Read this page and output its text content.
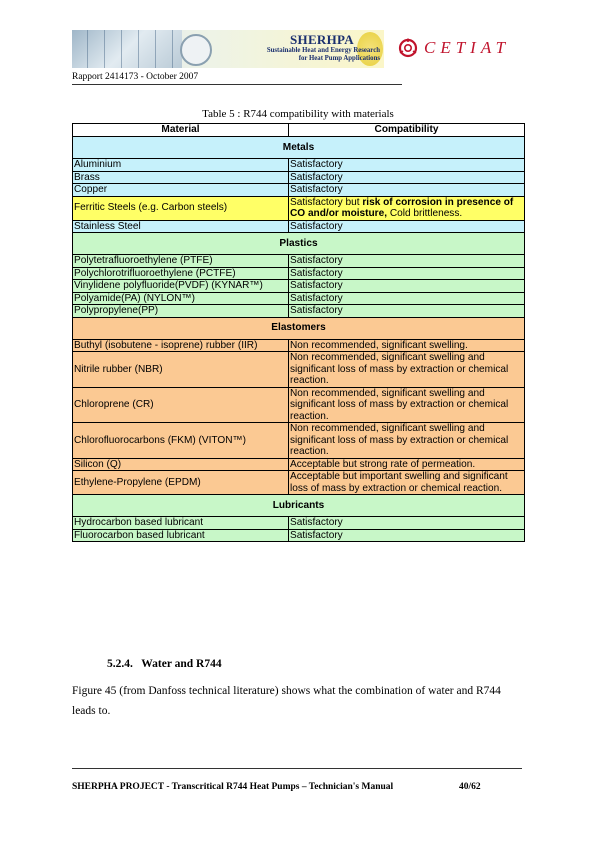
SHERHPA
Sustainable Heat and Energy Research
for Heat Pump Applications
CETIAT
Rapport 2414173 - October 2007
Table 5 : R744 compatibility with materials
Material	Compatibility
Metals	
Aluminium	Satisfactory
Brass	Satisfactory
Copper	Satisfactory
Ferritic Steels (e.g. Carbon steels)	Satisfactory but risk of corrosion in presence of CO and/or moisture, Cold brittleness.
Stainless Steel	Satisfactory
Plastics	
Polytetrafluoroethylene (PTFE)	Satisfactory
Polychlorotrifluoroethylene (PCTFE)	Satisfactory
Vinylidene polyfluoride(PVDF) (KYNAR™)	Satisfactory
Polyamide(PA) (NYLON™)	Satisfactory
Polypropylene(PP)	Satisfactory
Elastomers	
Buthyl (isobutene - isoprene) rubber (IIR)	Non recommended, significant swelling.
Nitrile rubber (NBR)	Non recommended, significant swelling and significant loss of mass by extraction or chemical reaction.
Chloroprene (CR)	Non recommended, significant swelling and significant loss of mass by extraction or chemical reaction.
Chlorofluorocarbons (FKM) (VITON™)	Non recommended, significant swelling and significant loss of mass by extraction or chemical reaction.
Silicon (Q)	Acceptable but strong rate of permeation.
Ethylene-Propylene (EPDM)	Acceptable but important swelling and significant loss of mass by extraction or chemical reaction.
Lubricants	
Hydrocarbon based lubricant	Satisfactory
Fluorocarbon based lubricant	Satisfactory
5.2.4.   Water and R744
Figure 45 (from Danfoss technical literature) shows what the combination of water and R744 leads to.
SHERPHA PROJECT - Transcritical R744 Heat Pumps – Technician's Manual	40/62
